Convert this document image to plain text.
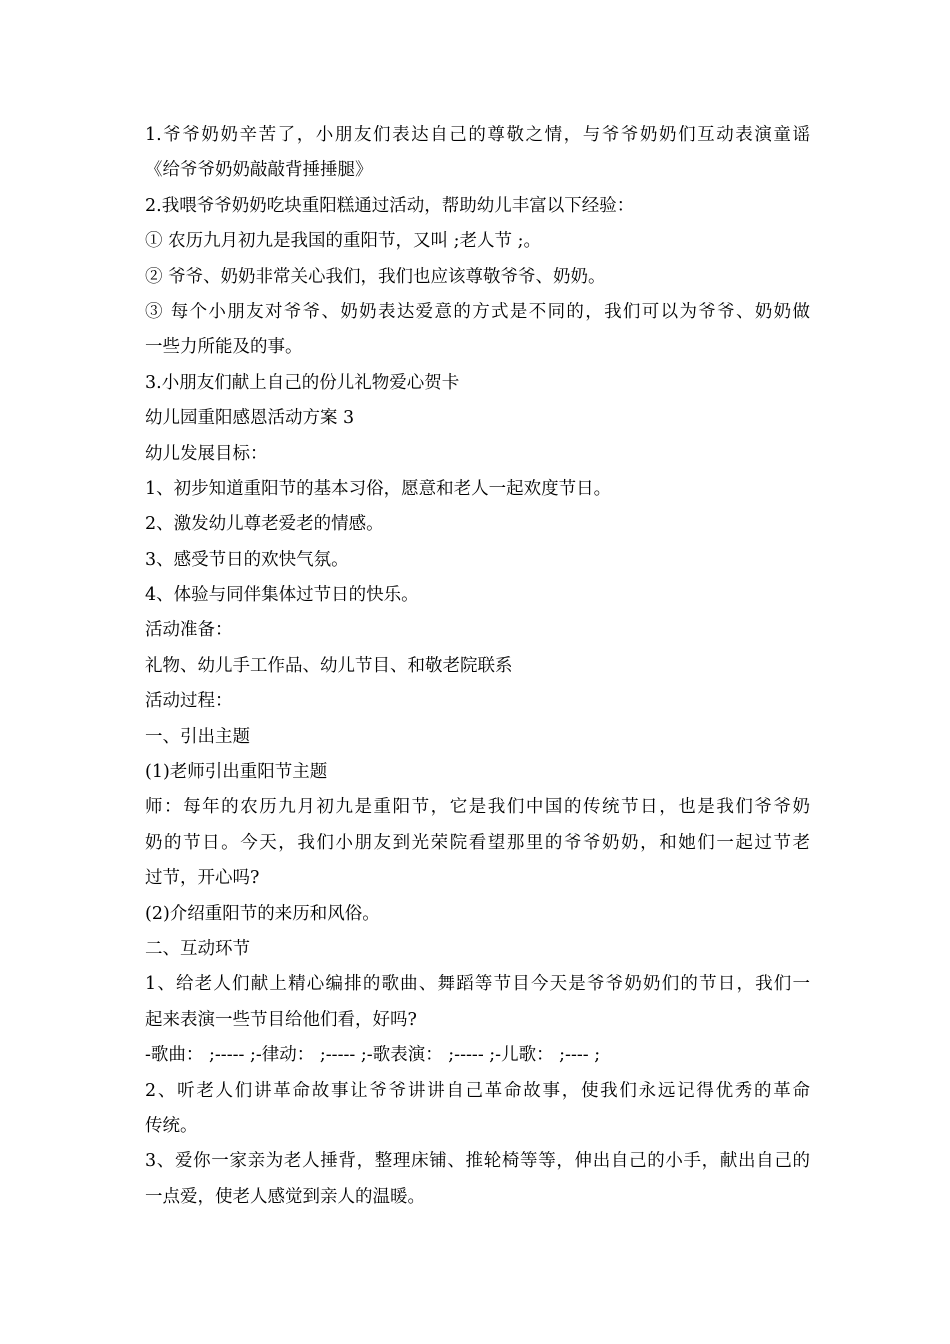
1.爷爷奶奶辛苦了，小朋友们表达自己的尊敬之情，与爷爷奶奶们互动表演童谣
《给爷爷奶奶敲敲背捶捶腿》
2.我喂爷爷奶奶吃块重阳糕通过活动，帮助幼儿丰富以下经验：
① 农历九月初九是我国的重阳节，又叫 ;老人节 ;。
② 爷爷、奶奶非常关心我们，我们也应该尊敬爷爷、奶奶。
③ 每个小朋友对爷爷、奶奶表达爱意的方式是不同的，我们可以为爷爷、奶奶做
一些力所能及的事。
3.小朋友们献上自己的份儿礼物爱心贺卡
幼儿园重阳感恩活动方案 3
幼儿发展目标：
1、初步知道重阳节的基本习俗，愿意和老人一起欢度节日。
2、激发幼儿尊老爱老的情感。
3、感受节日的欢快气氛。
4、体验与同伴集体过节日的快乐。
活动准备：
礼物、幼儿手工作品、幼儿节目、和敬老院联系
活动过程：
一、引出主题
(1)老师引出重阳节主题
师：每年的农历九月初九是重阳节，它是我们中国的传统节日，也是我们爷爷奶
奶的节日。今天，我们小朋友到光荣院看望那里的爷爷奶奶，和她们一起过节老
过节，开心吗?
(2)介绍重阳节的来历和风俗。
二、互动环节
1、给老人们献上精心编排的歌曲、舞蹈等节目今天是爷爷奶奶们的节日，我们一
起来表演一些节目给他们看，好吗?
-歌曲： ;----- ;-律动： ;----- ;-歌表演： ;----- ;-儿歌： ;---- ;
2、听老人们讲革命故事让爷爷讲讲自己革命故事，使我们永远记得优秀的革命
传统。
3、爱你一家亲为老人捶背，整理床铺、推轮椅等等，伸出自己的小手，献出自己的
一点爱，使老人感觉到亲人的温暖。
